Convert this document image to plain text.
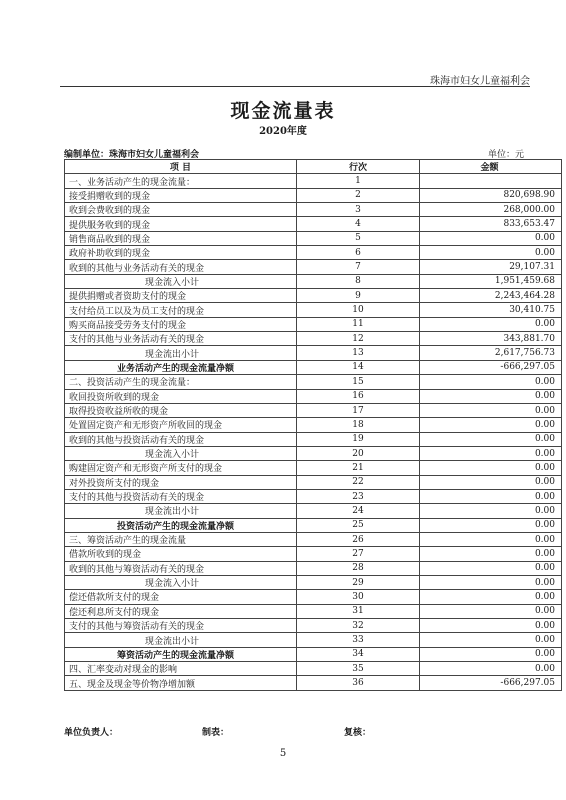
珠海市妇女儿童福利会
现金流量表
2020年度
编制单位：珠海市妇女儿童福利会	单位：元
项 目	行次	金额
一、业务活动产生的现金流量：	1	
接受捐赠收到的现金	2	820,698.90
收到会费收到的现金	3	268,000.00
提供服务收到的现金	4	833,653.47
销售商品收到的现金	5	0.00
政府补助收到的现金	6	0.00
收到的其他与业务活动有关的现金	7	29,107.31
现金流入小计	8	1,951,459.68
提供捐赠或者资助支付的现金	9	2,243,464.28
支付给员工以及为员工支付的现金	10	30,410.75
购买商品接受劳务支付的现金	11	0.00
支付的其他与业务活动有关的现金	12	343,881.70
现金流出小计	13	2,617,756.73
业务活动产生的现金流量净额	14	-666,297.05
二、投资活动产生的现金流量：	15	0.00
收回投资所收到的现金	16	0.00
取得投资收益所收的现金	17	0.00
处置固定资产和无形资产所收回的现金	18	0.00
收到的其他与投资活动有关的现金	19	0.00
现金流入小计	20	0.00
购建固定资产和无形资产所支付的现金	21	0.00
对外投资所支付的现金	22	0.00
支付的其他与投资活动有关的现金	23	0.00
现金流出小计	24	0.00
投资活动产生的现金流量净额	25	0.00
三、筹资活动产生的现金流量	26	0.00
借款所收到的现金	27	0.00
收到的其他与筹资活动有关的现金	28	0.00
现金流入小计	29	0.00
偿还借款所支付的现金	30	0.00
偿还利息所支付的现金	31	0.00
支付的其他与筹资活动有关的现金	32	0.00
现金流出小计	33	0.00
筹资活动产生的现金流量净额	34	0.00
四、汇率变动对现金的影响	35	0.00
五、现金及现金等价物净增加额	36	-666,297.05
单位负责人：	制表：	复核：
5
